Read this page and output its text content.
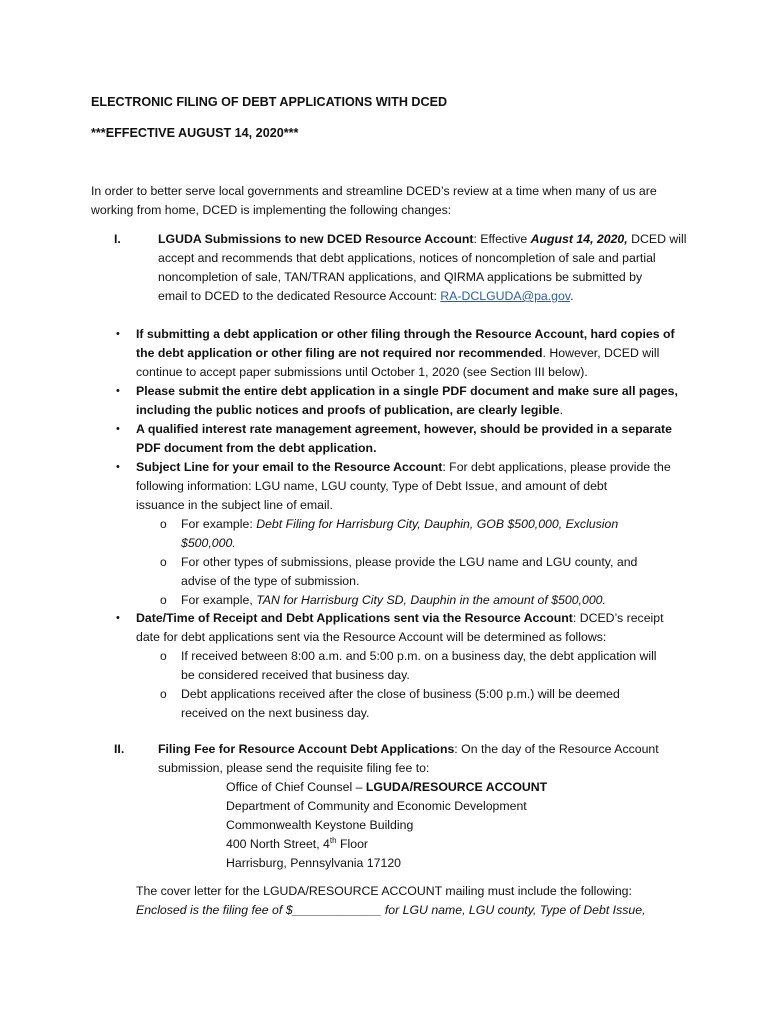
ELECTRONIC FILING OF DEBT APPLICATIONS WITH DCED
***EFFECTIVE AUGUST 14, 2020***
In order to better serve local governments and streamline DCED’s review at a time when many of us are
working from home, DCED is implementing the following changes:
I.	LGUDA Submissions to new DCED Resource Account: Effective August 14, 2020, DCED will
accept and recommends that debt applications, notices of noncompletion of sale and partial
noncompletion of sale, TAN/TRAN applications, and QIRMA applications be submitted by
email to DCED to the dedicated Resource Account: RA-DCLGUDA@pa.gov.
• If submitting a debt application or other filing through the Resource Account, hard copies of
the debt application or other filing are not required nor recommended. However, DCED will
continue to accept paper submissions until October 1, 2020 (see Section III below).
• Please submit the entire debt application in a single PDF document and make sure all pages,
including the public notices and proofs of publication, are clearly legible.
• A qualified interest rate management agreement, however, should be provided in a separate
PDF document from the debt application.
• Subject Line for your email to the Resource Account: For debt applications, please provide the
following information: LGU name, LGU county, Type of Debt Issue, and amount of debt
issuance in the subject line of email.
o For example: Debt Filing for Harrisburg City, Dauphin, GOB $500,000, Exclusion
$500,000.
o For other types of submissions, please provide the LGU name and LGU county, and
advise of the type of submission.
o For example, TAN for Harrisburg City SD, Dauphin in the amount of $500,000.
• Date/Time of Receipt and Debt Applications sent via the Resource Account: DCED’s receipt
date for debt applications sent via the Resource Account will be determined as follows:
o If received between 8:00 a.m. and 5:00 p.m. on a business day, the debt application will
be considered received that business day.
o Debt applications received after the close of business (5:00 p.m.) will be deemed
received on the next business day.
II.	Filing Fee for Resource Account Debt Applications: On the day of the Resource Account
submission, please send the requisite filing fee to:
Office of Chief Counsel – LGUDA/RESOURCE ACCOUNT
Department of Community and Economic Development
Commonwealth Keystone Building
400 North Street, 4th Floor
Harrisburg, Pennsylvania 17120
The cover letter for the LGUDA/RESOURCE ACCOUNT mailing must include the following:
Enclosed is the filing fee of $_____________ for LGU name, LGU county, Type of Debt Issue,
